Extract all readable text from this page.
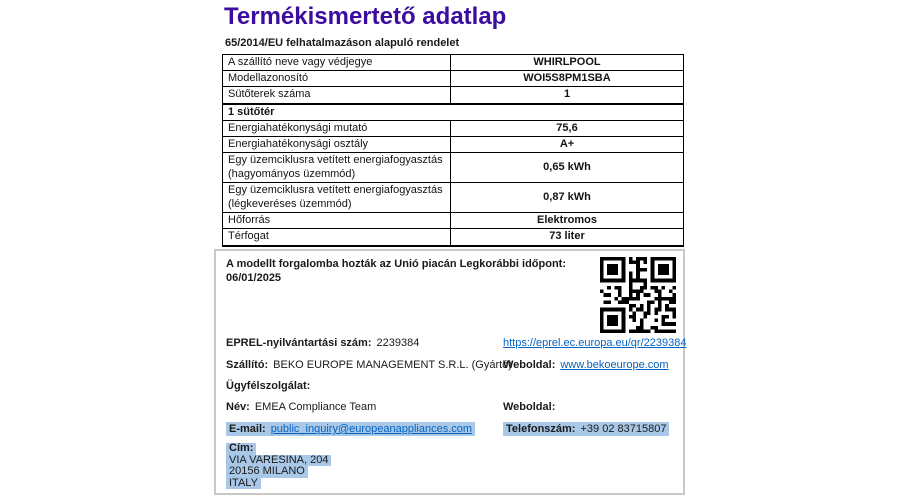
Termékismertető adatlap
65/2014/EU felhatalmazáson alapuló rendelet
A szállító neve vagy védjegye	WHIRLPOOL
Modellazonosító	WOI5S8PM1SBA
Sütőterek száma	1
1 sütőtér	
Energiahatékonysági mutató	75,6
Energiahatékonysági osztály	A+
Egy üzemciklusra vetített energiafogyasztás (hagyományos üzemmód)	0,65 kWh
Egy üzemciklusra vetített energiafogyasztás (légkeveréses üzemmód)	0,87 kWh
Hőforrás	Elektromos
Térfogat	73 liter
A modellt forgalomba hozták az Unió piacán Legkorábbi időpont: 06/01/2025
EPREL-nyilvántartási szám: 2239384	https://eprel.ec.europa.eu/qr/2239384
Szállító: BEKO EUROPE MANAGEMENT S.R.L. (Gyártó)
Weboldal: www.bekoeurope.com
Ügyfélszolgálat:
Név: EMEA Compliance Team	Weboldal:
E-mail: public_inquiry@europeanappliances.com	Telefonszám: +39 02 83715807
Cím:
VIA VARESINA, 204
20156 MILANO
ITALY
